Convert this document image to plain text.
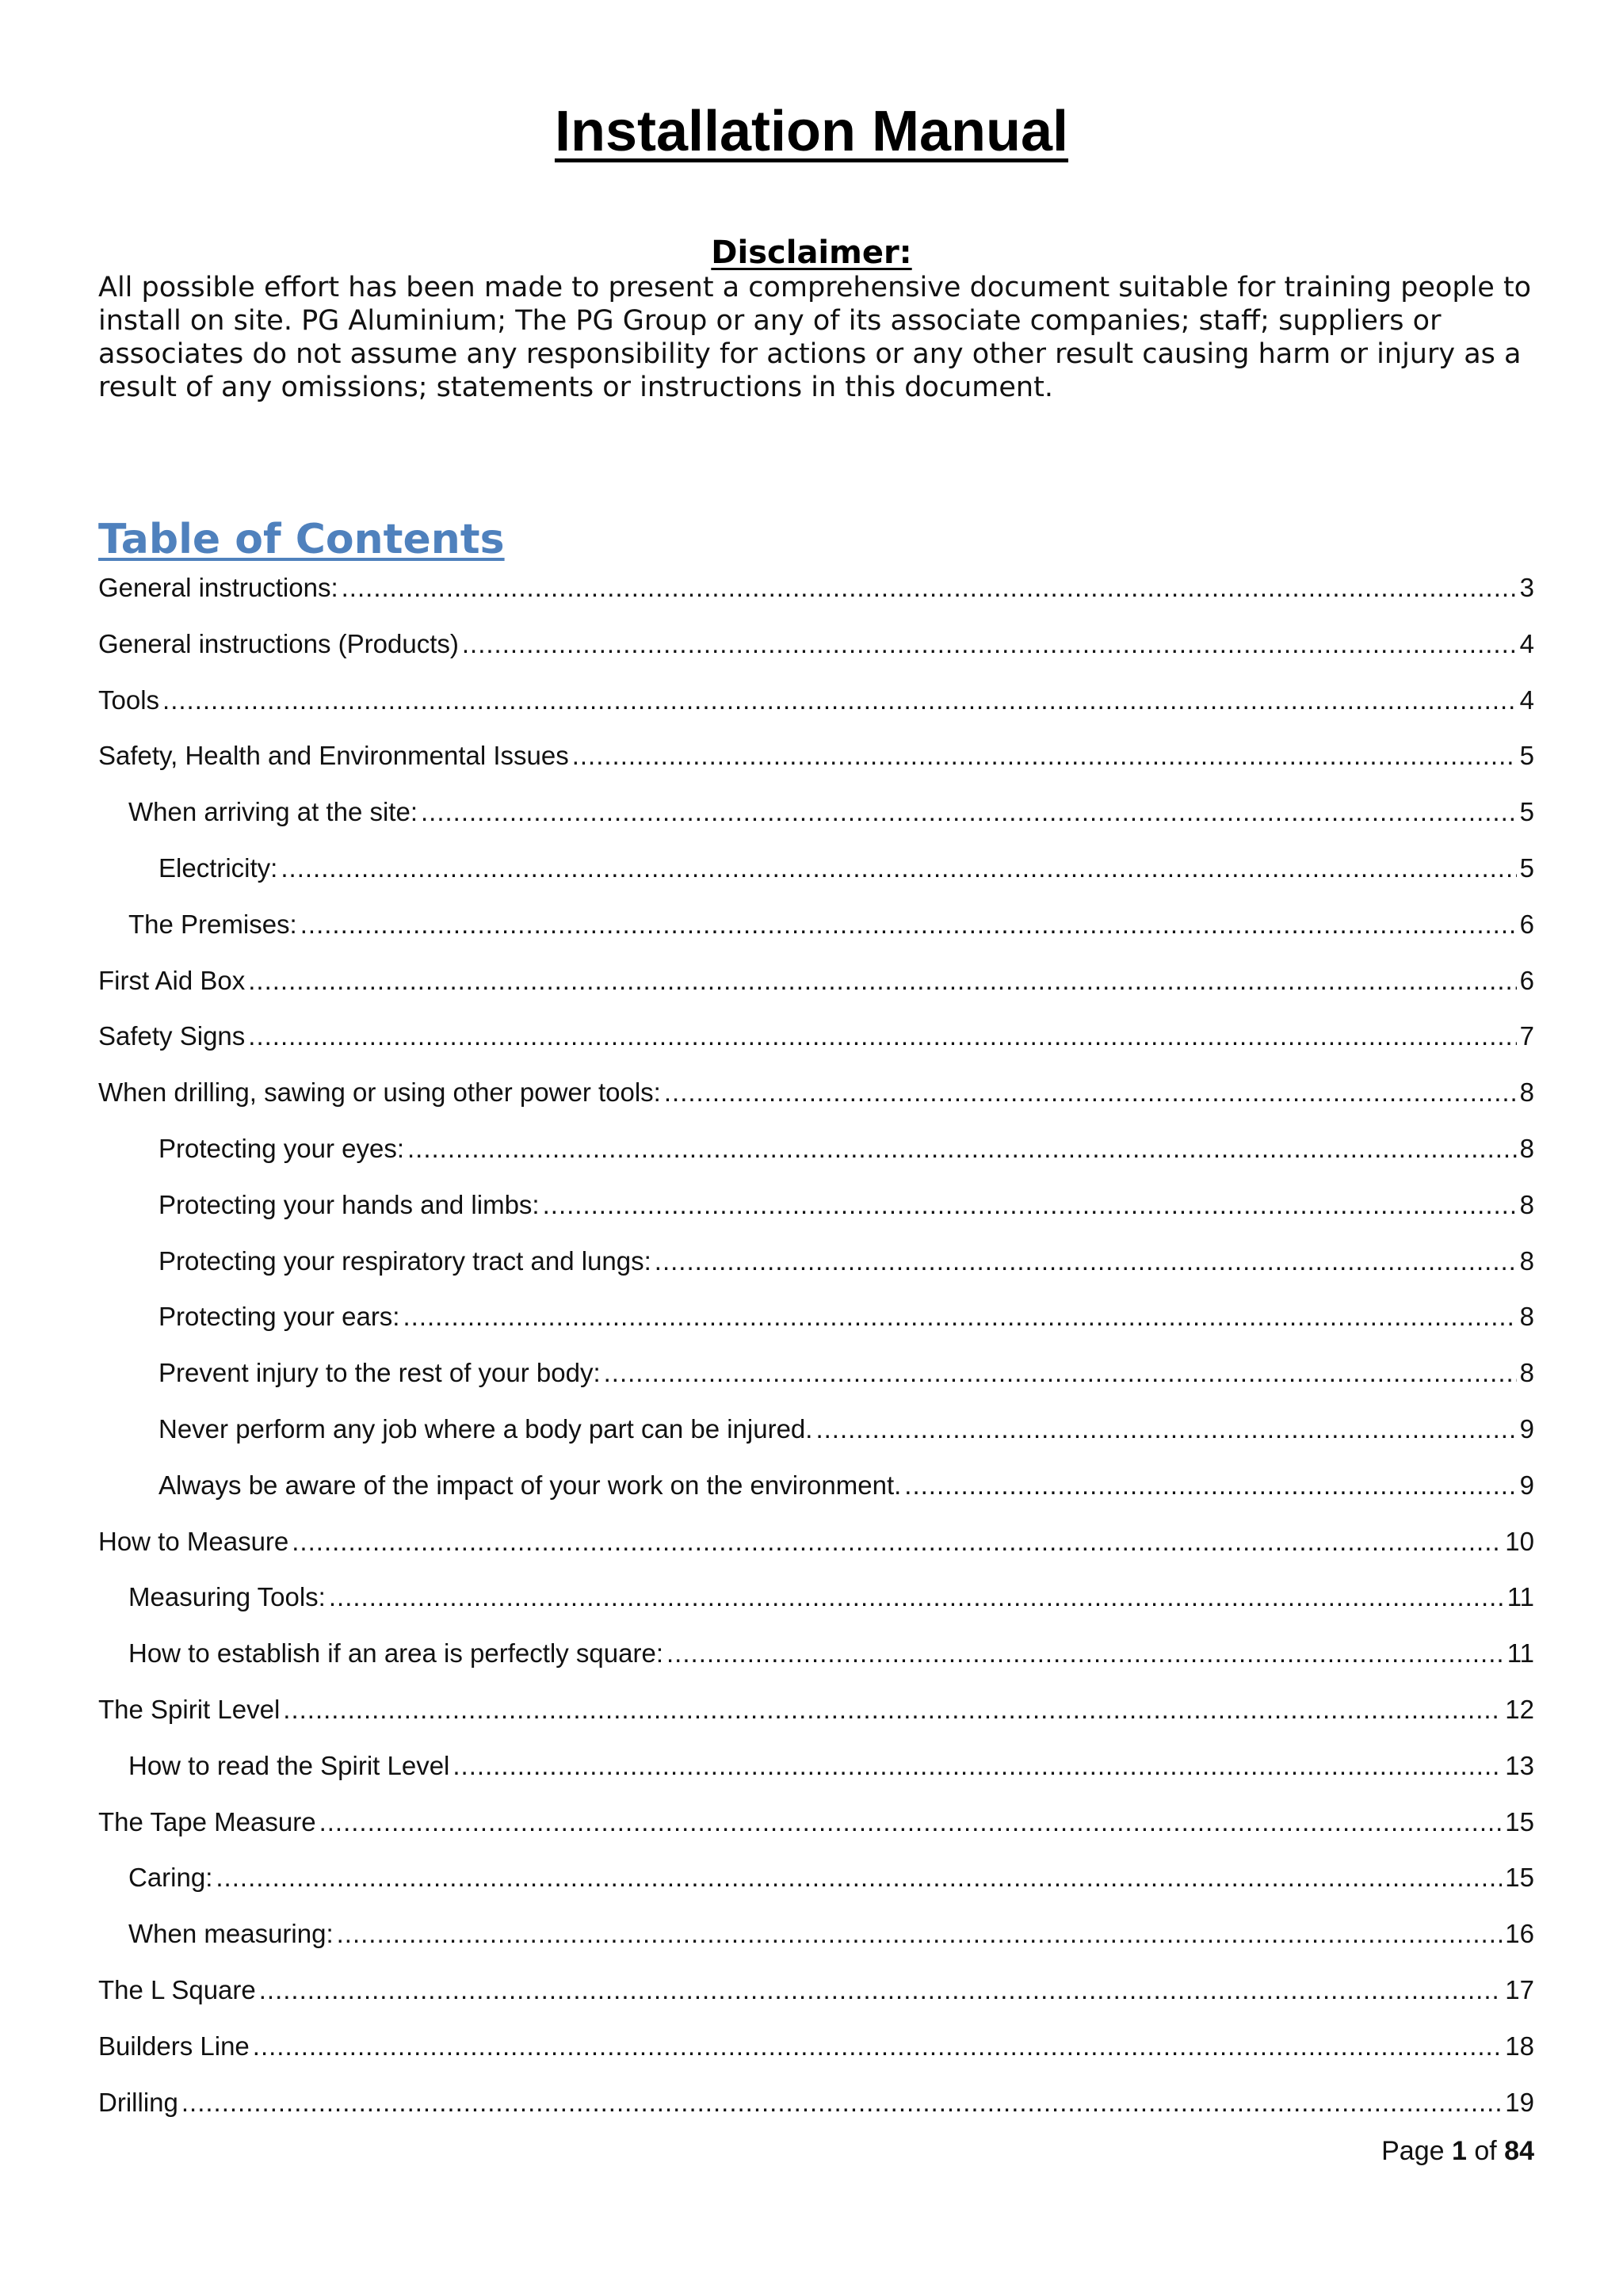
Installation Manual
Disclaimer:

All possible effort has been made to present a comprehensive document suitable for training people to
install on site. PG Aluminium; The PG Group or any of its associate companies; staff; suppliers or
associates do not assume any responsibility for actions or any other result causing harm or injury as a
result of any omissions; statements or instructions in this document.

Table of Contents
General instructions: .....	3
General instructions (Products) .....	4
Tools .....	4
Safety, Health and Environmental Issues .....	5
When arriving at the site: .....	5
Electricity: .....	5
The Premises: .....	6
First Aid Box .....	6
Safety Signs .....	7
When drilling, sawing or using other power tools: .....	8
Protecting your eyes: .....	8
Protecting your hands and limbs: .....	8
Protecting your respiratory tract and lungs: .....	8
Protecting your ears: .....	8
Prevent injury to the rest of your body: .....	8
Never perform any job where a body part can be injured. .....	9
Always be aware of the impact of your work on the environment. .....	9
How to Measure .....	10
Measuring Tools: .....	11
How to establish if an area is perfectly square: .....	11
The Spirit Level .....	12
How to read the Spirit Level .....	13
The Tape Measure .....	15
Caring: .....	15
When measuring: .....	16
The L Square .....	17
Builders Line .....	18
Drilling .....	19
Page 1 of 84
